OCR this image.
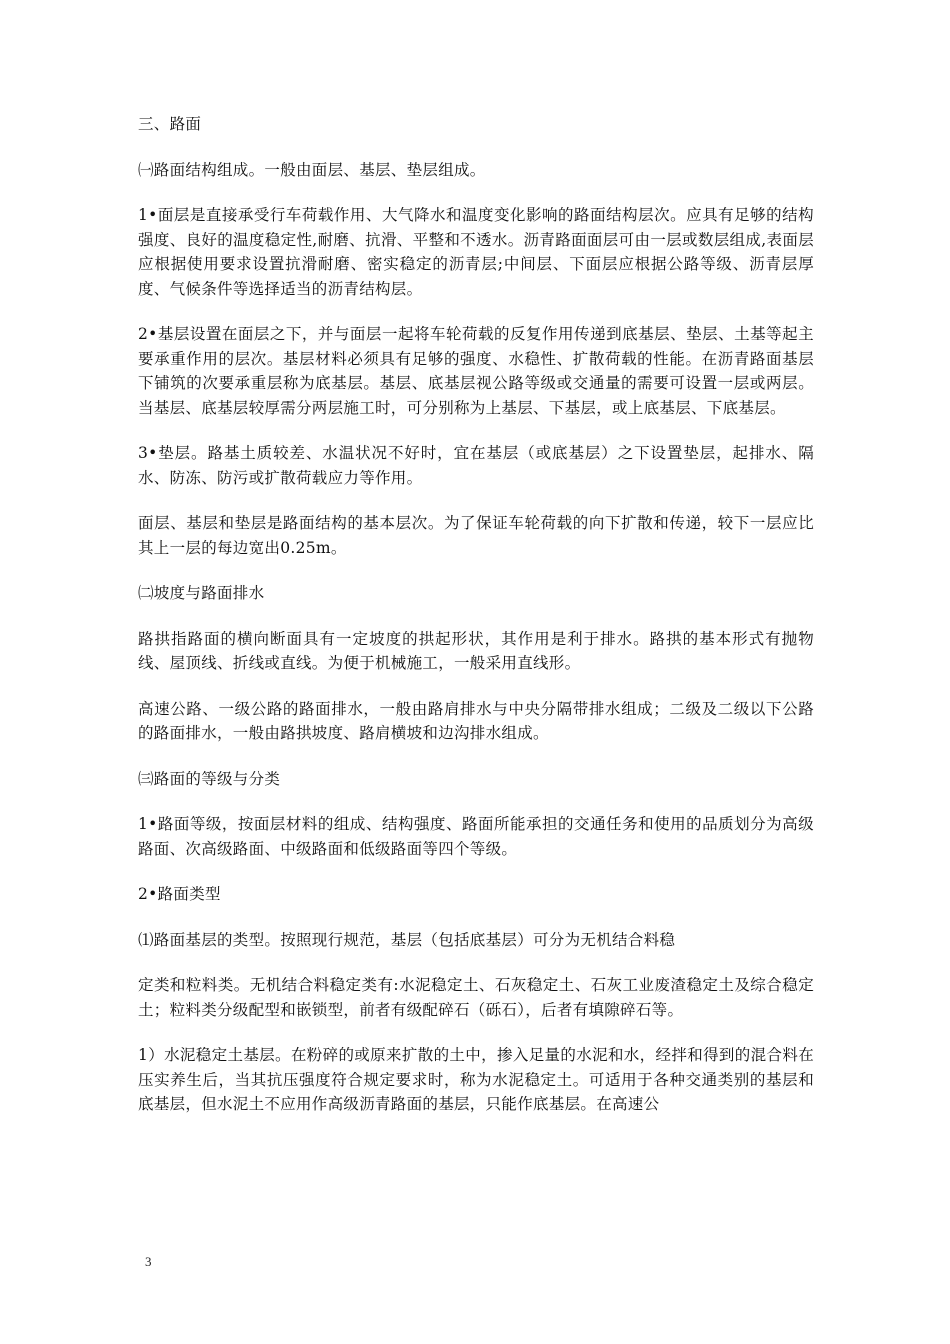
三、路面

㈠路面结构组成。一般由面层、基层、垫层组成。

1•面层是直接承受行车荷载作用、大气降水和温度变化影响的路面结构层次。应具有足够的结构强度、良好的温度稳定性,耐磨、抗滑、平整和不透水。沥青路面面层可由一层或数层组成,表面层应根据使用要求设置抗滑耐磨、密实稳定的沥青层;中间层、下面层应根据公路等级、沥青层厚度、气候条件等选择适当的沥青结构层。

2•基层设置在面层之下，并与面层一起将车轮荷载的反复作用传递到底基层、垫层、土基等起主要承重作用的层次。基层材料必须具有足够的强度、水稳性、扩散荷载的性能。在沥青路面基层下铺筑的次要承重层称为底基层。基层、底基层视公路等级或交通量的需要可设置一层或两层。当基层、底基层较厚需分两层施工时，可分别称为上基层、下基层，或上底基层、下底基层。

3•垫层。路基土质较差、水温状况不好时，宜在基层（或底基层）之下设置垫层，起排水、隔水、防冻、防污或扩散荷载应力等作用。

面层、基层和垫层是路面结构的基本层次。为了保证车轮荷载的向下扩散和传递，较下一层应比其上一层的每边宽出0.25m。

㈡坡度与路面排水

路拱指路面的横向断面具有一定坡度的拱起形状，其作用是利于排水。路拱的基本形式有抛物线、屋顶线、折线或直线。为便于机械施工，一般采用直线形。

高速公路、一级公路的路面排水，一般由路肩排水与中央分隔带排水组成；二级及二级以下公路的路面排水，一般由路拱坡度、路肩横坡和边沟排水组成。

㈢路面的等级与分类

1•路面等级，按面层材料的组成、结构强度、路面所能承担的交通任务和使用的品质划分为高级路面、次高级路面、中级路面和低级路面等四个等级。

2•路面类型

⑴路面基层的类型。按照现行规范，基层（包括底基层）可分为无机结合料稳

定类和粒料类。无机结合料稳定类有:水泥稳定土、石灰稳定土、石灰工业废渣稳定土及综合稳定土；粒料类分级配型和嵌锁型，前者有级配碎石（砾石），后者有填隙碎石等。

1）水泥稳定土基层。在粉碎的或原来扩散的土中，掺入足量的水泥和水，经拌和得到的混合料在压实养生后，当其抗压强度符合规定要求时，称为水泥稳定土。可适用于各种交通类别的基层和底基层，但水泥土不应用作高级沥青路面的基层，只能作底基层。在高速公

3
